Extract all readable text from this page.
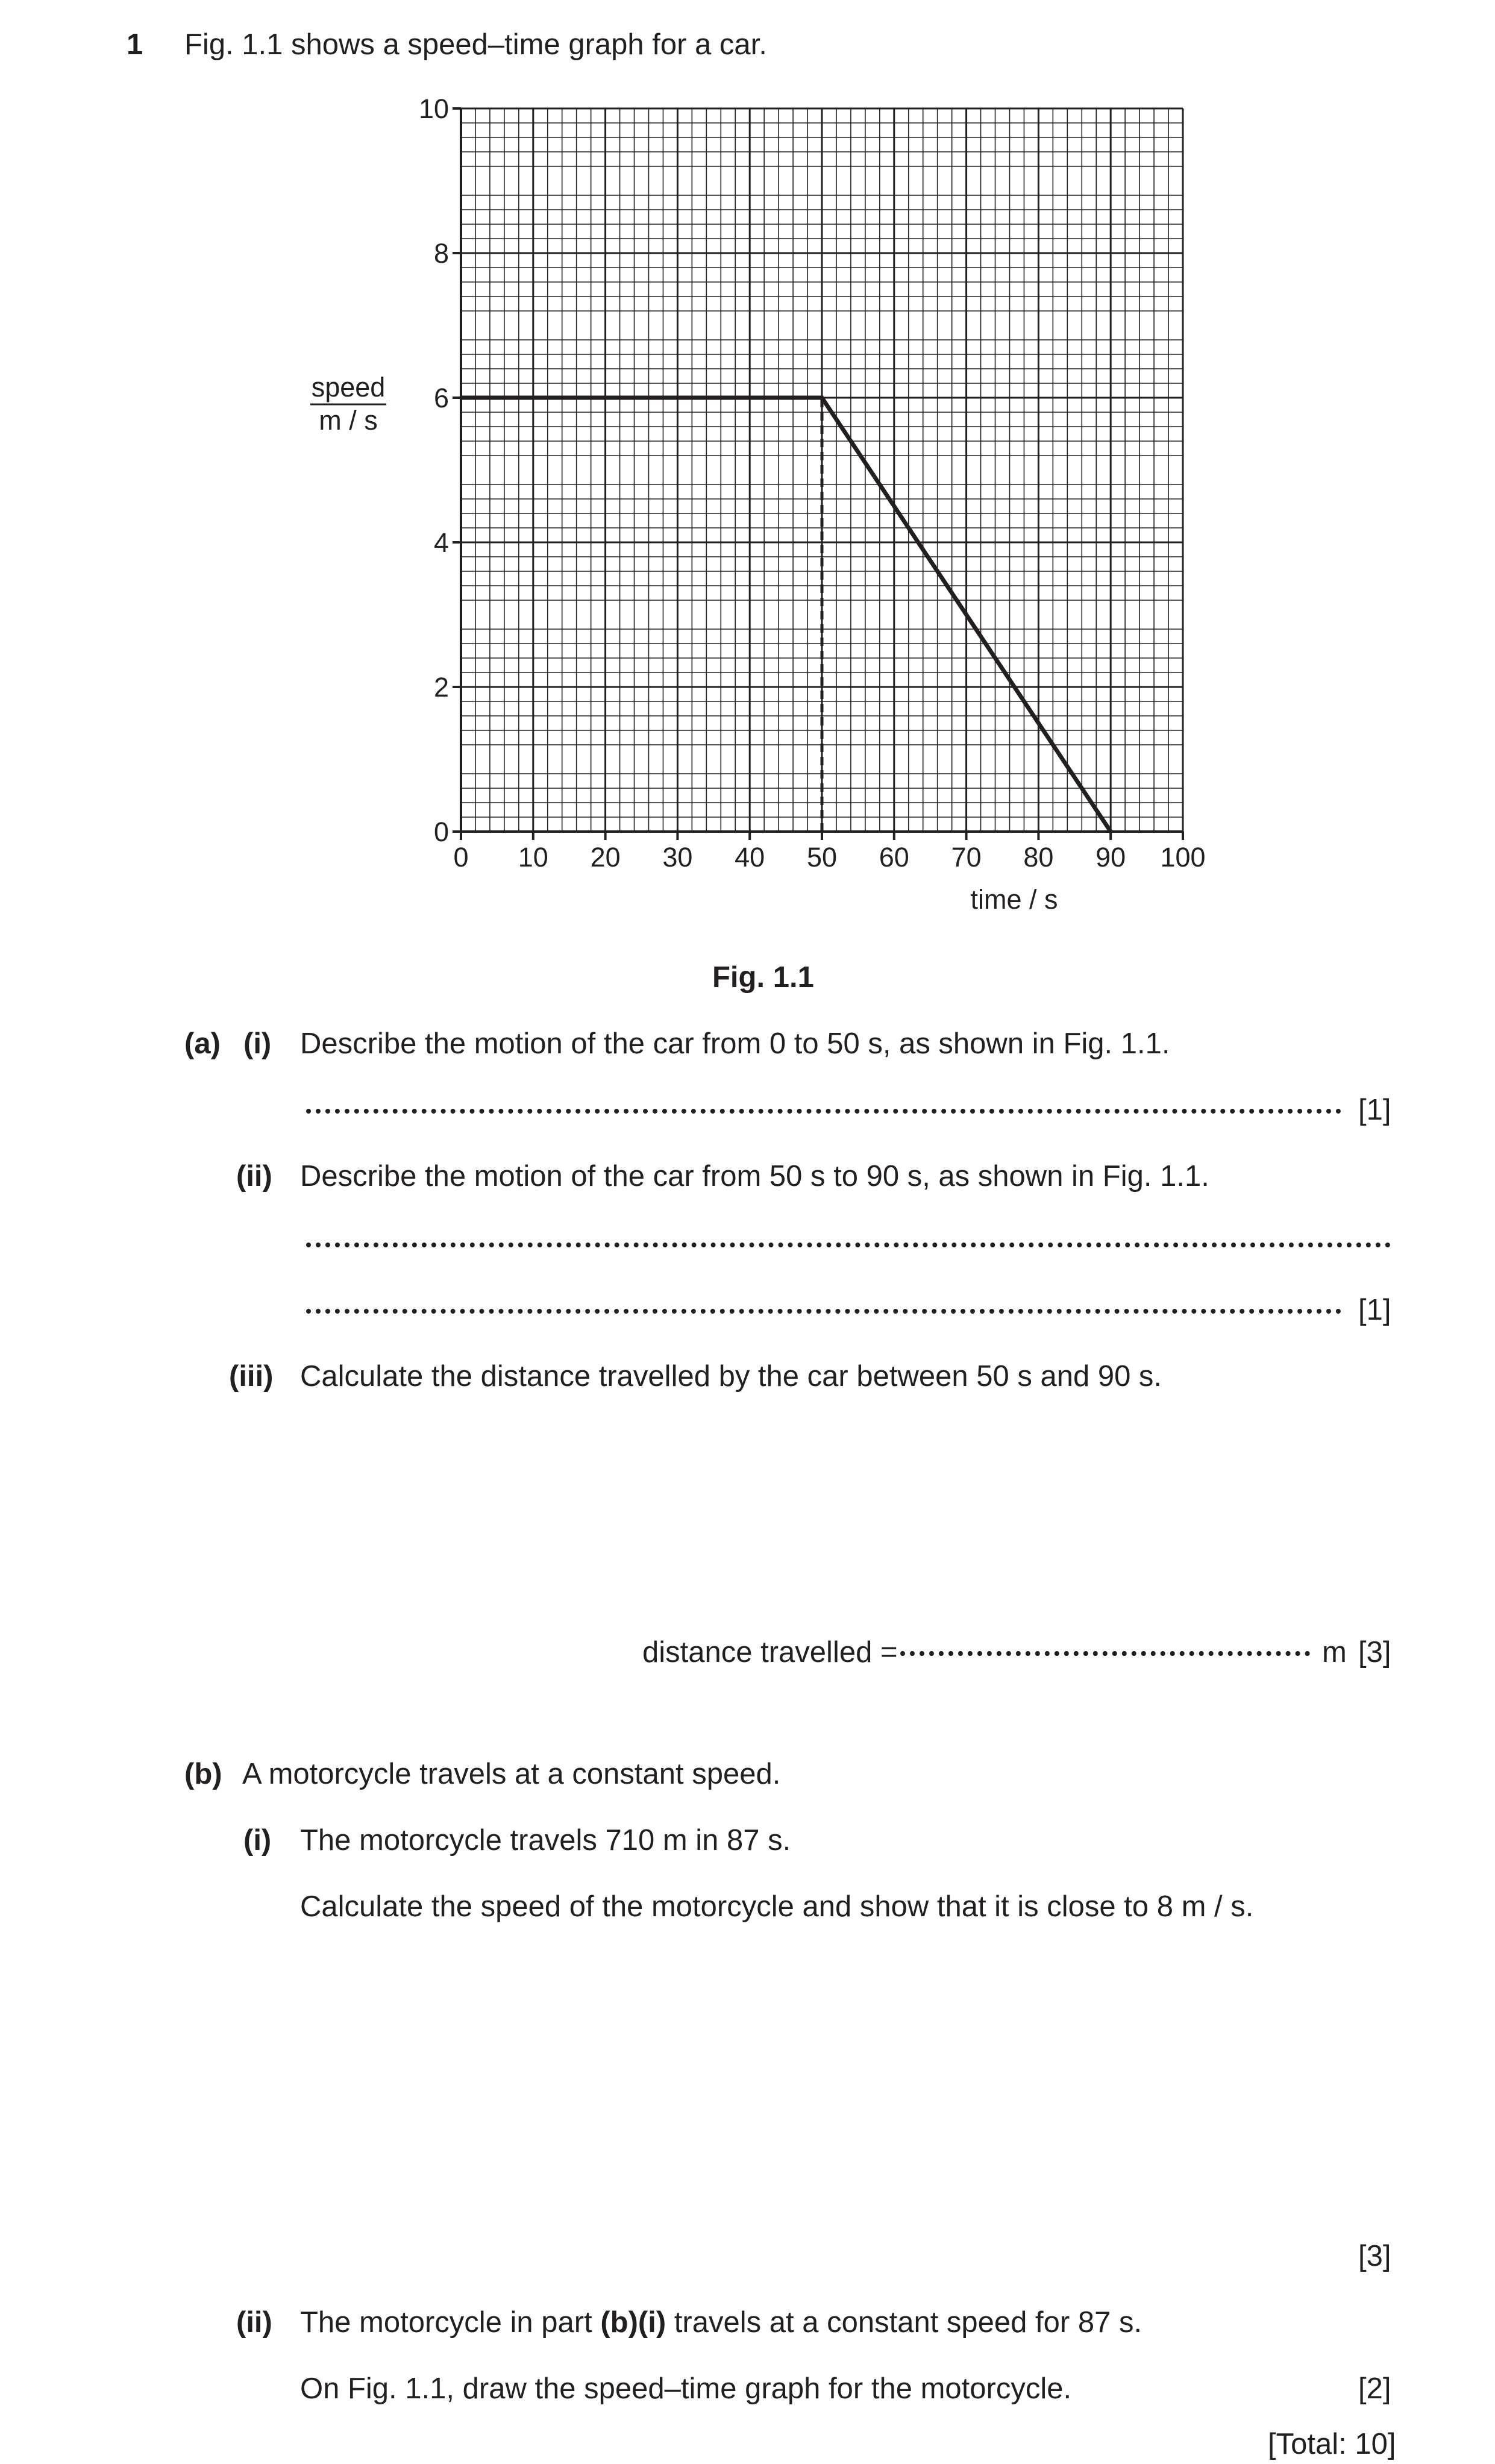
1 Fig. 1.1 shows a speed–time graph for a car.
0 10 20 30 40 50 60 70 80 90 100
0
2
4
6
8
10
speed
m / s
time / s
Fig. 1.1
(a) (i) Describe the motion of the car from 0 to 50 s, as shown in Fig. 1.1.
[1]
(ii) Describe the motion of the car from 50 s to 90 s, as shown in Fig. 1.1.
[1]
(iii) Calculate the distance travelled by the car between 50 s and 90 s.
distance travelled =	m [3]
(b) A motorcycle travels at a constant speed.
(i) The motorcycle travels 710 m in 87 s.
Calculate the speed of the motorcycle and show that it is close to 8 m / s.
[3]
(ii) The motorcycle in part (b)(i) travels at a constant speed for 87 s.
On Fig. 1.1, draw the speed–time graph for the motorcycle.	[2]
[Total: 10]
